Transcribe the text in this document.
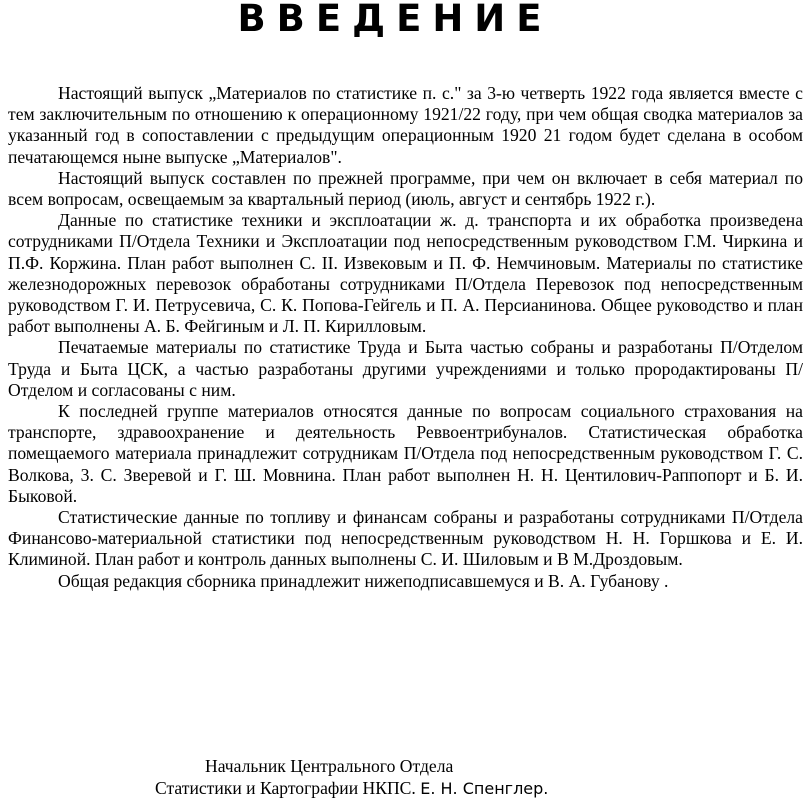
ВВЕДЕНИЕ

Настоящий выпуск „Материалов по статистике п. с." за 3-ю четверть 1922 года является вместе с тем заключительным по отношению к операционному 1921/22 году, при чем общая сводка материалов за указанный год в сопоставлении с предыдущим операционным 1920 21 годом будет сделана в особом печатающемся ныне выпуске „Материалов".

Настоящий выпуск составлен по прежней программе, при чем он включает в себя материал по всем вопросам, освещаемым за квартальный период (июль, август и сентябрь 1922 г.).

Данные по статистике техники и эксплоатации ж. д. транспорта и их обработка произведена сотрудниками П/Отдела Техники и Эксплоатации под непосредственным руководством Г.М. Чиркина и П.Ф. Коржина. План работ выполнен С. II. Извековым и П. Ф. Немчиновым. Материалы по статистике железнодорожных перевозок обработаны сотрудниками П/Отдела Перевозок под непосредственным руководством Г. И. Петрусевича, С. К. Попова-Гейгель и П. А. Персианинова. Общее руководство и план работ выполнены А. Б. Фейгиным и Л. П. Кирилловым.

Печатаемые материалы по статистике Труда и Быта частью собраны и разработаны П/Отделом Труда и Быта ЦСК, а частью разработаны другими учреждениями и только прородактированы П/Отделом и согласованы с ним.

К последней группе материалов относятся данные по вопросам социального страхования на транспорте, здравоохранение и деятельность Реввоентрибуналов. Статистическая обработка помещаемого материала принадлежит сотрудникам П/Отдела под непосредственным руководством Г. С. Волкова, 3. С. Зверевой и Г. Ш. Мовнина. План работ выполнен Н. Н. Центилович-Раппопорт и Б. И. Быковой.

Статистические данные по топливу и финансам собраны и разработаны сотрудниками П/Отдела Финансово-материальной статистики под непосредственным руководством Н. Н. Горшкова и Е. И. Климиной. План работ и контроль данных выполнены С. И. Шиловым и В М.Дроздовым.

Общая редакция сборника принадлежит нижеподписавшемуся и В. А. Губанову .

Начальник Центрального Отдела
Статистики и Картографии НКПС. Е. Н. Спенглер.
